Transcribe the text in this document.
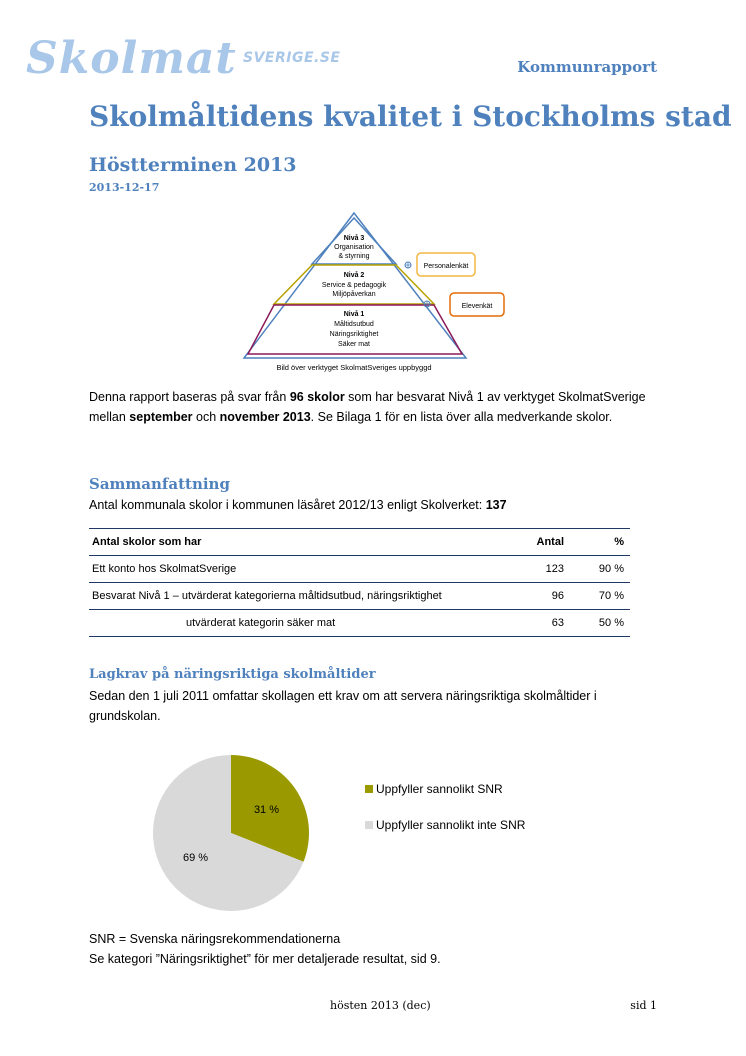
Skolmat SVERIGE.SE	Kommunrapport
Skolmåltidens kvalitet i Stockholms stad
Höstterminen 2013
2013-12-17
Nivå 3
Organisation
& styrning
Nivå 2
Service & pedagogik
Miljöpåverkan
Nivå 1
Måltidsutbud
Näringsriktighet
Säker mat
Personalenkät
Elevenkät
Bild över verktyget SkolmatSveriges uppbyggd
Denna rapport baseras på svar från 96 skolor som har besvarat Nivå 1 av verktyget SkolmatSverige
mellan september och november 2013. Se Bilaga 1 för en lista över alla medverkande skolor.
Sammanfattning
Antal kommunala skolor i kommunen läsåret 2012/13 enligt Skolverket: 137
Antal skolor som har	Antal	%
Ett konto hos SkolmatSverige	123	90 %
Besvarat Nivå 1 – utvärderat kategorierna måltidsutbud, näringsriktighet	96	70 %
utvärderat kategorin säker mat	63	50 %
Lagkrav på näringsriktiga skolmåltider
Sedan den 1 juli 2011 omfattar skollagen ett krav om att servera näringsriktiga skolmåltider i
grundskolan.
31 %
69 %
Uppfyller sannolikt SNR
Uppfyller sannolikt inte SNR
SNR = Svenska näringsrekommendationerna
Se kategori ”Näringsriktighet” för mer detaljerade resultat, sid 9.
hösten 2013 (dec)	sid 1
